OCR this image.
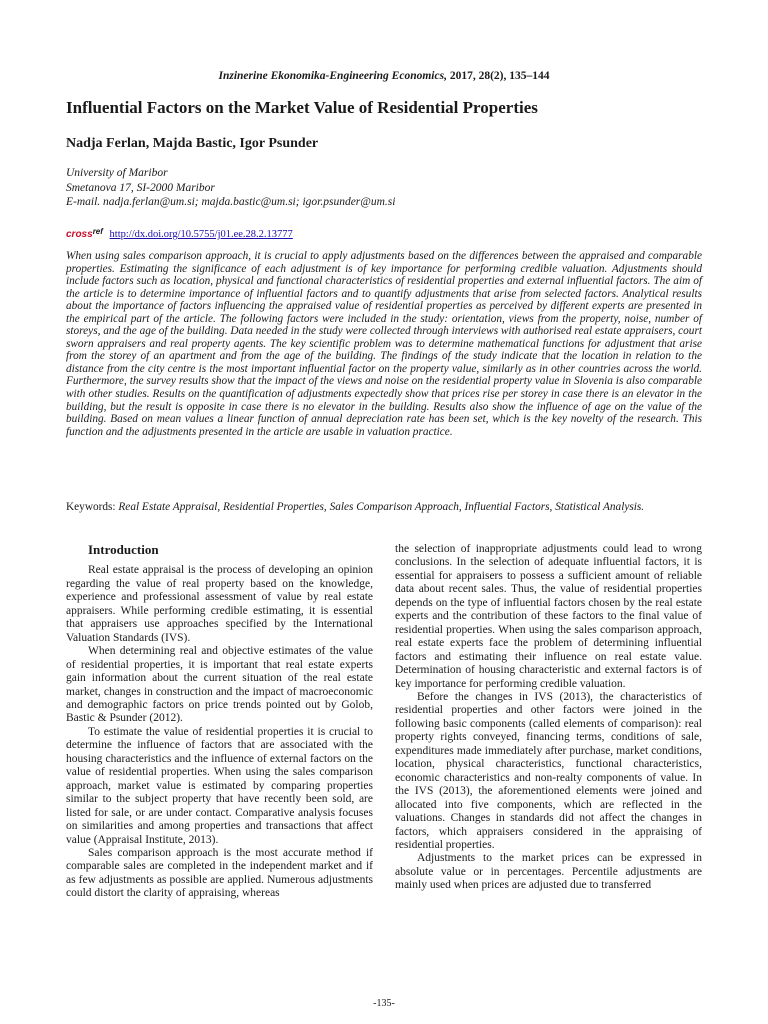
Inzinerine Ekonomika-Engineering Economics, 2017, 28(2), 135–144
Influential Factors on the Market Value of Residential Properties

Nadja Ferlan, Majda Bastic, Igor Psunder

University of Maribor
Smetanova 17, SI-2000 Maribor
E-mail. nadja.ferlan@um.si; majda.bastic@um.si; igor.psunder@um.si
cross$^{ref}$ http://dx.doi.org/10.5755/j01.ee.28.2.13777

When using sales comparison approach, it is crucial to apply adjustments based on the differences between the appraised and comparable properties. Estimating the significance of each adjustment is of key importance for performing credible valuation. Adjustments should include factors such as location, physical and functional characteristics of residential properties and external influential factors. The aim of the article is to determine importance of influential factors and to quantify adjustments that arise from selected factors. Analytical results about the importance of factors influencing the appraised value of residential properties as perceived by different experts are presented in the empirical part of the article. The following factors were included in the study: orientation, views from the property, noise, number of storeys, and the age of the building. Data needed in the study were collected through interviews with authorised real estate appraisers, court sworn appraisers and real property agents. The key scientific problem was to determine mathematical functions for adjustment that arise from the storey of an apartment and from the age of the building. The findings of the study indicate that the location in relation to the distance from the city centre is the most important influential factor on the property value, similarly as in other countries across the world. Furthermore, the survey results show that the impact of the views and noise on the residential property value in Slovenia is also comparable with other studies. Results on the quantification of adjustments expectedly show that prices rise per storey in case there is an elevator in the building, but the result is opposite in case there is no elevator in the building. Results also show the influence of age on the value of the building. Based on mean values a linear function of annual depreciation rate has been set, which is the key novelty of the research. This function and the adjustments presented in the article are usable in valuation practice.

Keywords: Real Estate Appraisal, Residential Properties, Sales Comparison Approach, Influential Factors, Statistical Analysis.
Introduction

Real estate appraisal is the process of developing an opinion regarding the value of real property based on the knowledge, experience and professional assessment of value by real estate appraisers. While performing credible estimating, it is essential that appraisers use approaches specified by the International Valuation Standards (IVS).

When determining real and objective estimates of the value of residential properties, it is important that real estate experts gain information about the current situation of the real estate market, changes in construction and the impact of macroeconomic and demographic factors on price trends pointed out by Golob, Bastic & Psunder (2012).

To estimate the value of residential properties it is crucial to determine the influence of factors that are associated with the housing characteristics and the influence of external factors on the value of residential properties. When using the sales comparison approach, market value is estimated by comparing properties similar to the subject property that have recently been sold, are listed for sale, or are under contact. Comparative analysis focuses on similarities and among properties and transactions that affect value (Appraisal Institute, 2013).

Sales comparison approach is the most accurate method if comparable sales are completed in the independent market and if as few adjustments as possible are applied. Numerous adjustments could distort the clarity of appraising, whereas

the selection of inappropriate adjustments could lead to wrong conclusions. In the selection of adequate influential factors, it is essential for appraisers to possess a sufficient amount of reliable data about recent sales. Thus, the value of residential properties depends on the type of influential factors chosen by the real estate experts and the contribution of these factors to the final value of residential properties. When using the sales comparison approach, real estate experts face the problem of determining influential factors and estimating their influence on real estate value. Determination of housing characteristic and external factors is of key importance for performing credible valuation.

Before the changes in IVS (2013), the characteristics of residential properties and other factors were joined in the following basic components (called elements of comparison): real property rights conveyed, financing terms, conditions of sale, expenditures made immediately after purchase, market conditions, location, physical characteristics, functional characteristics, economic characteristics and non-realty components of value. In the IVS (2013), the aforementioned elements were joined and allocated into five components, which are reflected in the valuations. Changes in standards did not affect the changes in factors, which appraisers considered in the appraising of residential properties.

Adjustments to the market prices can be expressed in absolute value or in percentages. Percentile adjustments are mainly used when prices are adjusted due to transferred

-135-
